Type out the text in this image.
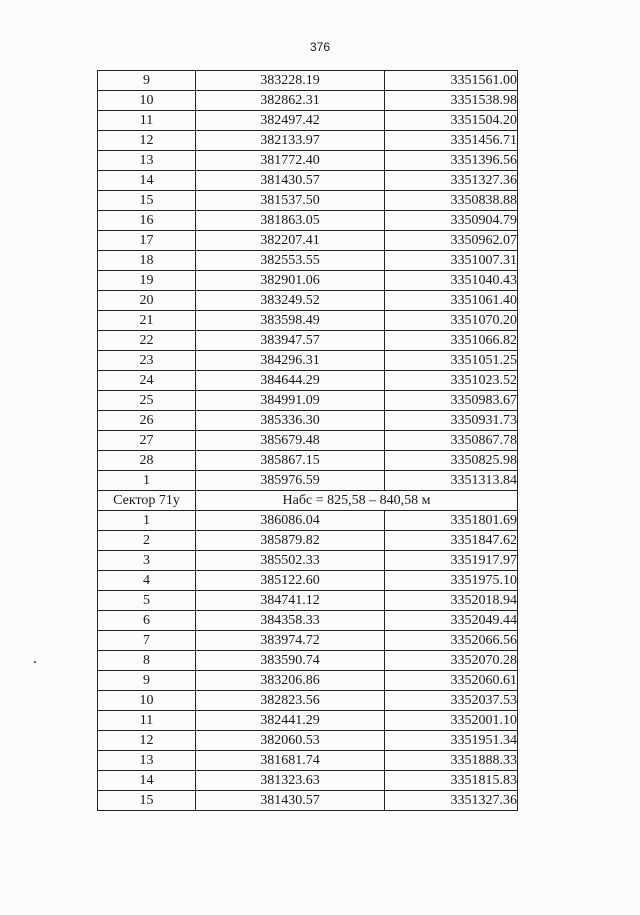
376
9	383228.19	3351561.00
10	382862.31	3351538.98
11	382497.42	3351504.20
12	382133.97	3351456.71
13	381772.40	3351396.56
14	381430.57	3351327.36
15	381537.50	3350838.88
16	381863.05	3350904.79
17	382207.41	3350962.07
18	382553.55	3351007.31
19	382901.06	3351040.43
20	383249.52	3351061.40
21	383598.49	3351070.20
22	383947.57	3351066.82
23	384296.31	3351051.25
24	384644.29	3351023.52
25	384991.09	3350983.67
26	385336.30	3350931.73
27	385679.48	3350867.78
28	385867.15	3350825.98
1	385976.59	3351313.84
Сектор 71у	Набс = 825,58 – 840,58 м	
1	386086.04	3351801.69
2	385879.82	3351847.62
3	385502.33	3351917.97
4	385122.60	3351975.10
5	384741.12	3352018.94
6	384358.33	3352049.44
7	383974.72	3352066.56
8	383590.74	3352070.28
9	383206.86	3352060.61
10	382823.56	3352037.53
11	382441.29	3352001.10
12	382060.53	3351951.34
13	381681.74	3351888.33
14	381323.63	3351815.83
15	381430.57	3351327.36
